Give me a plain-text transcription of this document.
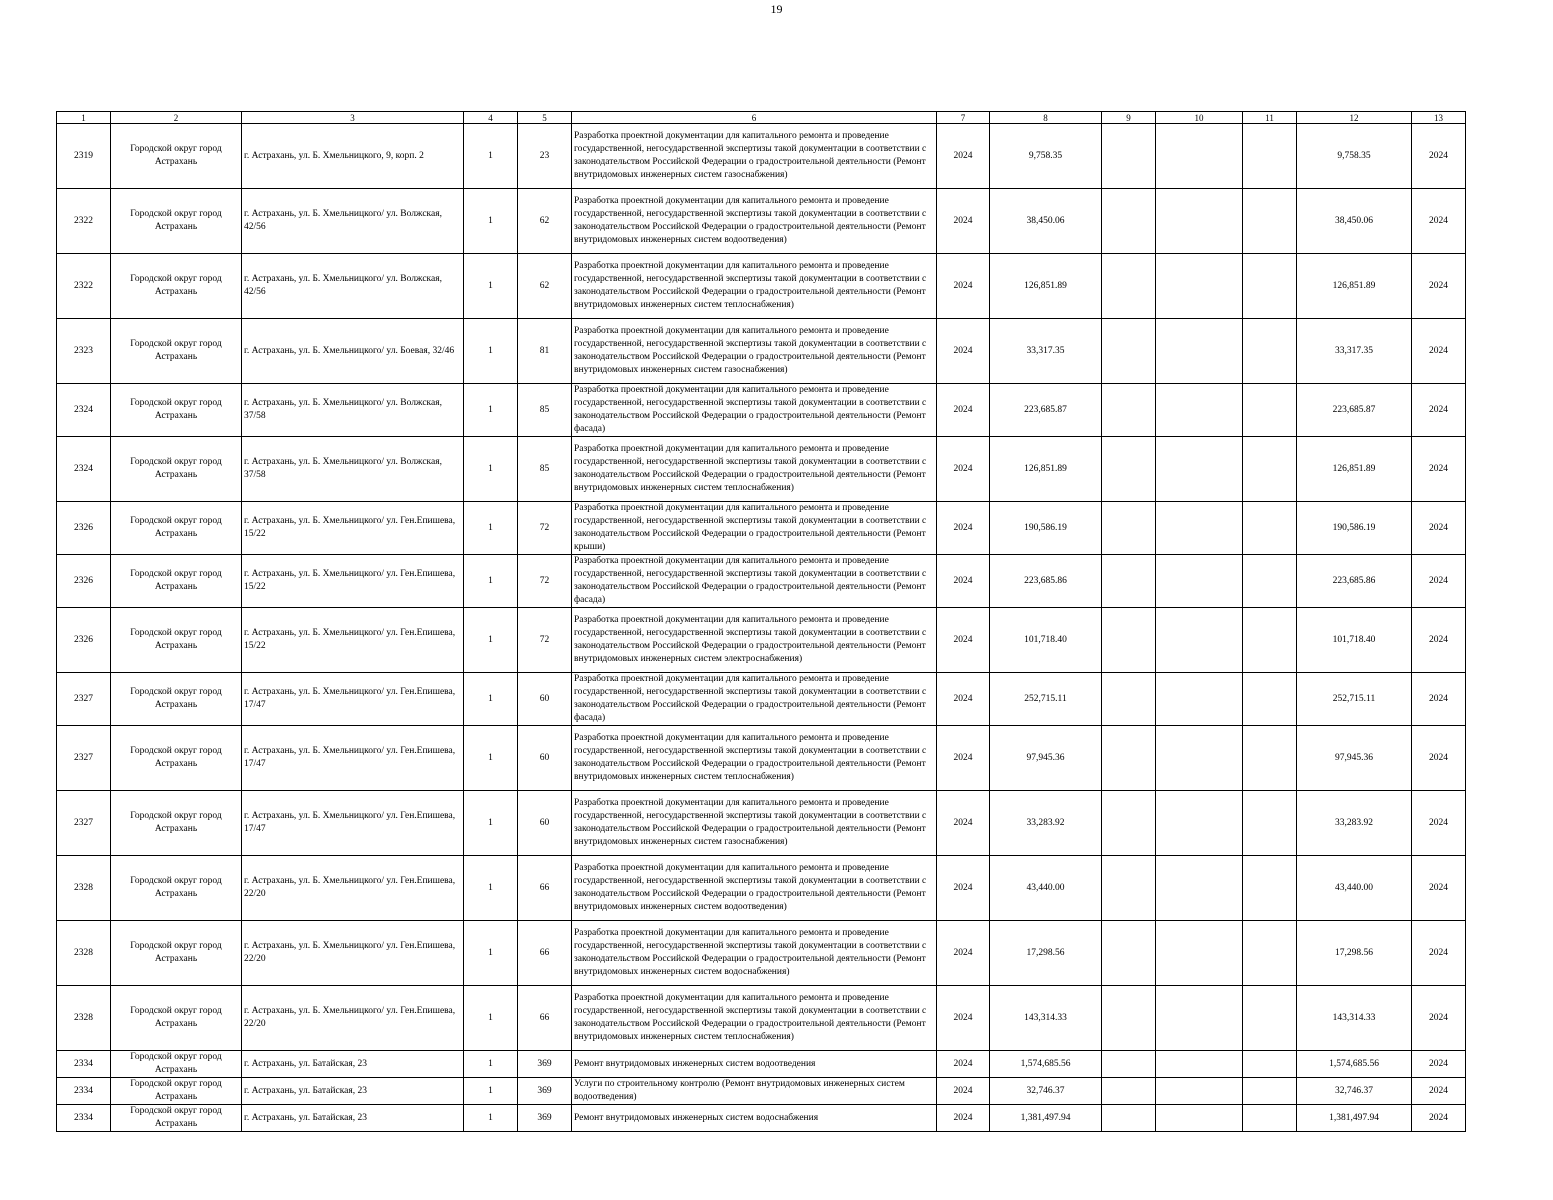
19
1	2	3	4	5	6	7	8	9	10	11	12	13
2319	Городской округ город Астрахань	г. Астрахань, ул. Б. Хмельницкого, 9, корп. 2	1	23	Разработка проектной документации для капитального ремонта и проведение государственной, негосударственной экспертизы такой документации в соответствии с законодательством Российской Федерации о градостроительной деятельности (Ремонт внутридомовых инженерных систем газоснабжения)	2024	9,758.35				9,758.35	2024
2322	Городской округ город Астрахань	г. Астрахань, ул. Б. Хмельницкого/ ул. Волжская, 42/56	1	62	Разработка проектной документации для капитального ремонта и проведение государственной, негосударственной экспертизы такой документации в соответствии с законодательством Российской Федерации о градостроительной деятельности (Ремонт внутридомовых инженерных систем водоотведения)	2024	38,450.06				38,450.06	2024
2322	Городской округ город Астрахань	г. Астрахань, ул. Б. Хмельницкого/ ул. Волжская, 42/56	1	62	Разработка проектной документации для капитального ремонта и проведение государственной, негосударственной экспертизы такой документации в соответствии с законодательством Российской Федерации о градостроительной деятельности (Ремонт внутридомовых инженерных систем теплоснабжения)	2024	126,851.89				126,851.89	2024
2323	Городской округ город Астрахань	г. Астрахань, ул. Б. Хмельницкого/ ул. Боевая, 32/46	1	81	Разработка проектной документации для капитального ремонта и проведение государственной, негосударственной экспертизы такой документации в соответствии с законодательством Российской Федерации о градостроительной деятельности (Ремонт внутридомовых инженерных систем газоснабжения)	2024	33,317.35				33,317.35	2024
2324	Городской округ город Астрахань	г. Астрахань, ул. Б. Хмельницкого/ ул. Волжская, 37/58	1	85	Разработка проектной документации для капитального ремонта и проведение государственной, негосударственной экспертизы такой документации в соответствии с законодательством Российской Федерации о градостроительной деятельности (Ремонт фасада)	2024	223,685.87				223,685.87	2024
2324	Городской округ город Астрахань	г. Астрахань, ул. Б. Хмельницкого/ ул. Волжская, 37/58	1	85	Разработка проектной документации для капитального ремонта и проведение государственной, негосударственной экспертизы такой документации в соответствии с законодательством Российской Федерации о градостроительной деятельности (Ремонт внутридомовых инженерных систем теплоснабжения)	2024	126,851.89				126,851.89	2024
2326	Городской округ город Астрахань	г. Астрахань, ул. Б. Хмельницкого/ ул. Ген.Епишева, 15/22	1	72	Разработка проектной документации для капитального ремонта и проведение государственной, негосударственной экспертизы такой документации в соответствии с законодательством Российской Федерации о градостроительной деятельности (Ремонт крыши)	2024	190,586.19				190,586.19	2024
2326	Городской округ город Астрахань	г. Астрахань, ул. Б. Хмельницкого/ ул. Ген.Епишева, 15/22	1	72	Разработка проектной документации для капитального ремонта и проведение государственной, негосударственной экспертизы такой документации в соответствии с законодательством Российской Федерации о градостроительной деятельности (Ремонт фасада)	2024	223,685.86				223,685.86	2024
2326	Городской округ город Астрахань	г. Астрахань, ул. Б. Хмельницкого/ ул. Ген.Епишева, 15/22	1	72	Разработка проектной документации для капитального ремонта и проведение государственной, негосударственной экспертизы такой документации в соответствии с законодательством Российской Федерации о градостроительной деятельности (Ремонт внутридомовых инженерных систем электроснабжения)	2024	101,718.40				101,718.40	2024
2327	Городской округ город Астрахань	г. Астрахань, ул. Б. Хмельницкого/ ул. Ген.Епишева, 17/47	1	60	Разработка проектной документации для капитального ремонта и проведение государственной, негосударственной экспертизы такой документации в соответствии с законодательством Российской Федерации о градостроительной деятельности (Ремонт фасада)	2024	252,715.11				252,715.11	2024
2327	Городской округ город Астрахань	г. Астрахань, ул. Б. Хмельницкого/ ул. Ген.Епишева, 17/47	1	60	Разработка проектной документации для капитального ремонта и проведение государственной, негосударственной экспертизы такой документации в соответствии с законодательством Российской Федерации о градостроительной деятельности (Ремонт внутридомовых инженерных систем теплоснабжения)	2024	97,945.36				97,945.36	2024
2327	Городской округ город Астрахань	г. Астрахань, ул. Б. Хмельницкого/ ул. Ген.Епишева, 17/47	1	60	Разработка проектной документации для капитального ремонта и проведение государственной, негосударственной экспертизы такой документации в соответствии с законодательством Российской Федерации о градостроительной деятельности (Ремонт внутридомовых инженерных систем газоснабжения)	2024	33,283.92				33,283.92	2024
2328	Городской округ город Астрахань	г. Астрахань, ул. Б. Хмельницкого/ ул. Ген.Епишева, 22/20	1	66	Разработка проектной документации для капитального ремонта и проведение государственной, негосударственной экспертизы такой документации в соответствии с законодательством Российской Федерации о градостроительной деятельности (Ремонт внутридомовых инженерных систем водоотведения)	2024	43,440.00				43,440.00	2024
2328	Городской округ город Астрахань	г. Астрахань, ул. Б. Хмельницкого/ ул. Ген.Епишева, 22/20	1	66	Разработка проектной документации для капитального ремонта и проведение государственной, негосударственной экспертизы такой документации в соответствии с законодательством Российской Федерации о градостроительной деятельности (Ремонт внутридомовых инженерных систем водоснабжения)	2024	17,298.56				17,298.56	2024
2328	Городской округ город Астрахань	г. Астрахань, ул. Б. Хмельницкого/ ул. Ген.Епишева, 22/20	1	66	Разработка проектной документации для капитального ремонта и проведение государственной, негосударственной экспертизы такой документации в соответствии с законодательством Российской Федерации о градостроительной деятельности (Ремонт внутридомовых инженерных систем теплоснабжения)	2024	143,314.33				143,314.33	2024
2334	Городской округ город Астрахань	г. Астрахань, ул. Батайская, 23	1	369	Ремонт внутридомовых инженерных систем водоотведения	2024	1,574,685.56				1,574,685.56	2024
2334	Городской округ город Астрахань	г. Астрахань, ул. Батайская, 23	1	369	Услуги по строительному контролю (Ремонт внутридомовых инженерных систем водоотведения)	2024	32,746.37				32,746.37	2024
2334	Городской округ город Астрахань	г. Астрахань, ул. Батайская, 23	1	369	Ремонт внутридомовых инженерных систем водоснабжения	2024	1,381,497.94				1,381,497.94	2024
